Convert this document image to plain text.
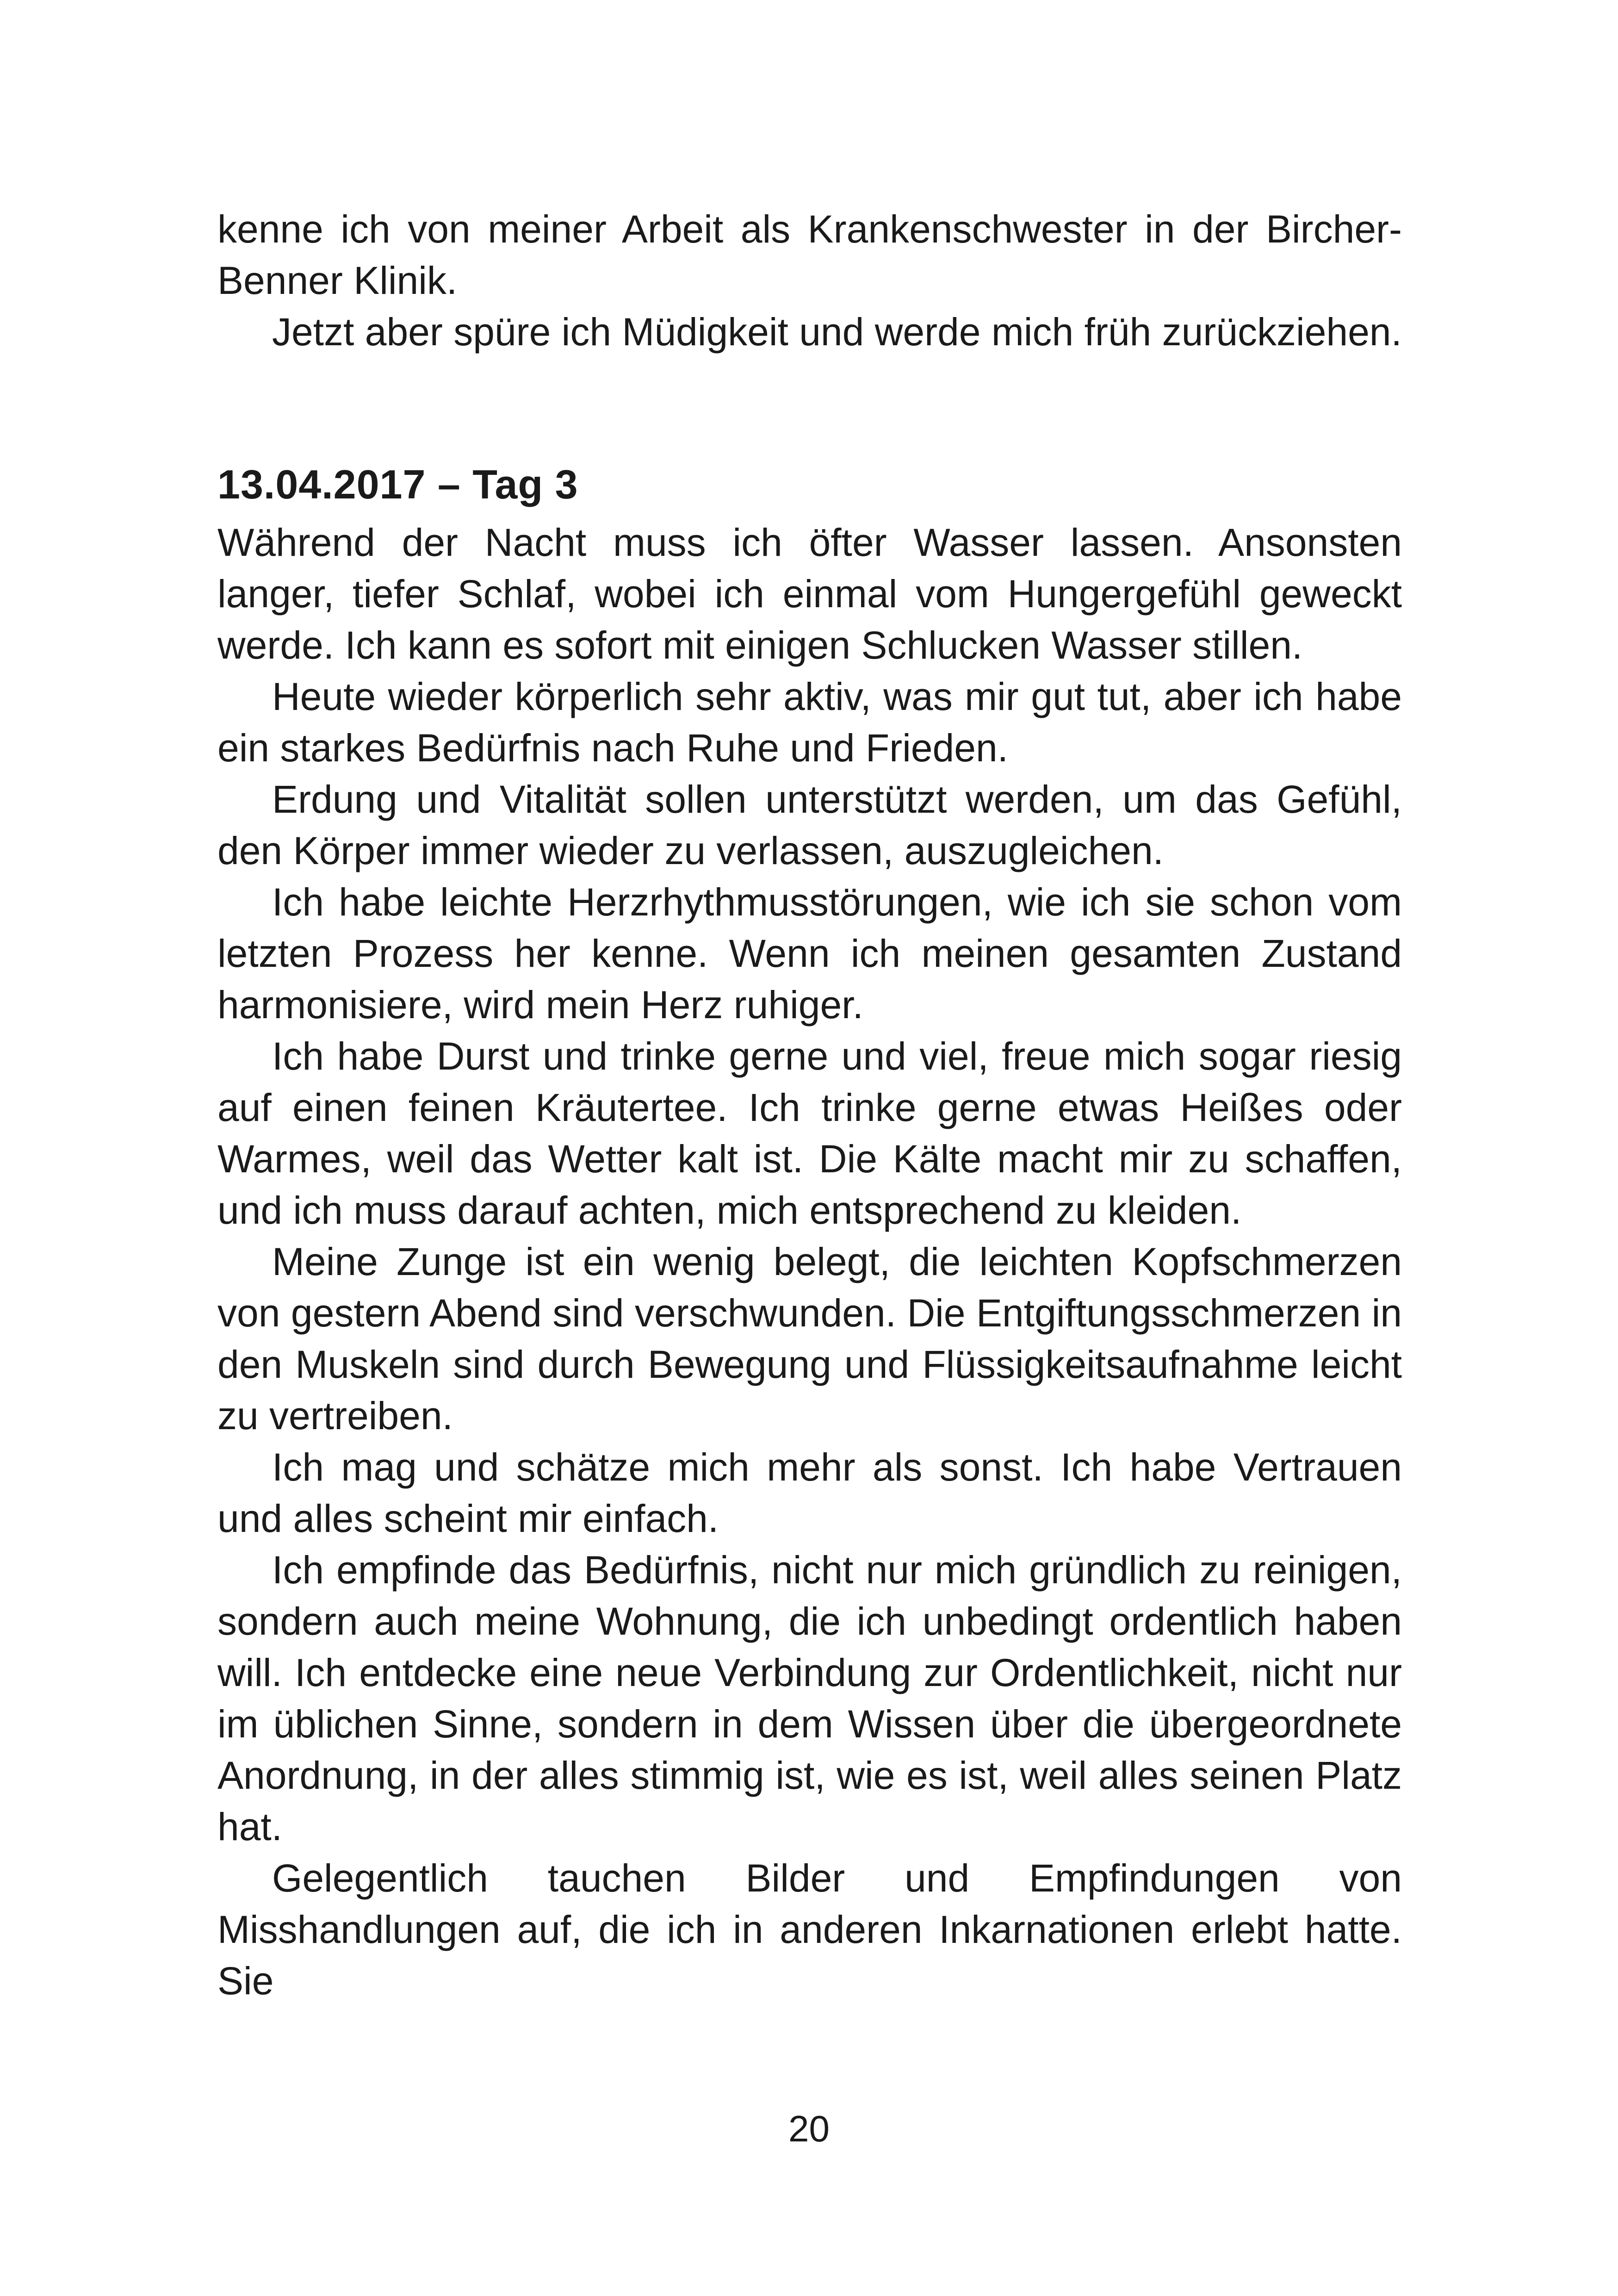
kenne ich von meiner Arbeit als Krankenschwester in der Bircher-Benner Klinik.

Jetzt aber spüre ich Müdigkeit und werde mich früh zurückziehen.

13.04.2017 – Tag 3

Während der Nacht muss ich öfter Wasser lassen. Ansonsten langer, tiefer Schlaf, wobei ich einmal vom Hungergefühl geweckt werde. Ich kann es sofort mit einigen Schlucken Wasser stillen.

Heute wieder körperlich sehr aktiv, was mir gut tut, aber ich habe ein starkes Bedürfnis nach Ruhe und Frieden.

Erdung und Vitalität sollen unterstützt werden, um das Gefühl, den Körper immer wieder zu verlassen, auszugleichen.

Ich habe leichte Herzrhythmusstörungen, wie ich sie schon vom letzten Prozess her kenne. Wenn ich meinen gesamten Zustand harmonisiere, wird mein Herz ruhiger.

Ich habe Durst und trinke gerne und viel, freue mich sogar riesig auf einen feinen Kräutertee. Ich trinke gerne etwas Heißes oder Warmes, weil das Wetter kalt ist. Die Kälte macht mir zu schaffen, und ich muss darauf achten, mich entsprechend zu kleiden.

Meine Zunge ist ein wenig belegt, die leichten Kopfschmerzen von gestern Abend sind verschwunden. Die Entgiftungsschmerzen in den Muskeln sind durch Bewegung und Flüssigkeitsaufnahme leicht zu vertreiben.

Ich mag und schätze mich mehr als sonst. Ich habe Vertrauen und alles scheint mir einfach.

Ich empfinde das Bedürfnis, nicht nur mich gründlich zu reinigen, sondern auch meine Wohnung, die ich unbedingt ordentlich haben will. Ich entdecke eine neue Verbindung zur Ordentlichkeit, nicht nur im üblichen Sinne, sondern in dem Wissen über die übergeordnete Anordnung, in der alles stimmig ist, wie es ist, weil alles seinen Platz hat.

Gelegentlich tauchen Bilder und Empfindungen von Misshandlungen auf, die ich in anderen Inkarnationen erlebt hatte. Sie

20
